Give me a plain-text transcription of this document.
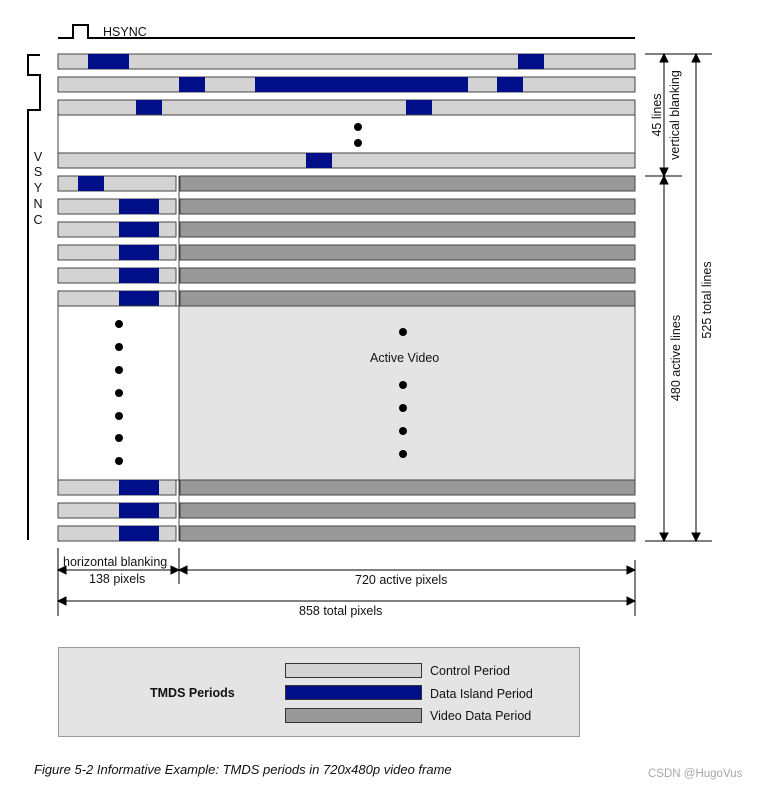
HSYNC
V
S
Y
N
C
Active Video
45 lines vertical blanking
480 active lines
525 total lines
horizontal blanking
138 pixels	720 active pixels
858 total pixels
TMDS Periods
Control Period
Data Island Period
Video Data Period
Figure 5-2 Informative Example: TMDS periods in 720x480p video frame	CSDN @HugoVus
